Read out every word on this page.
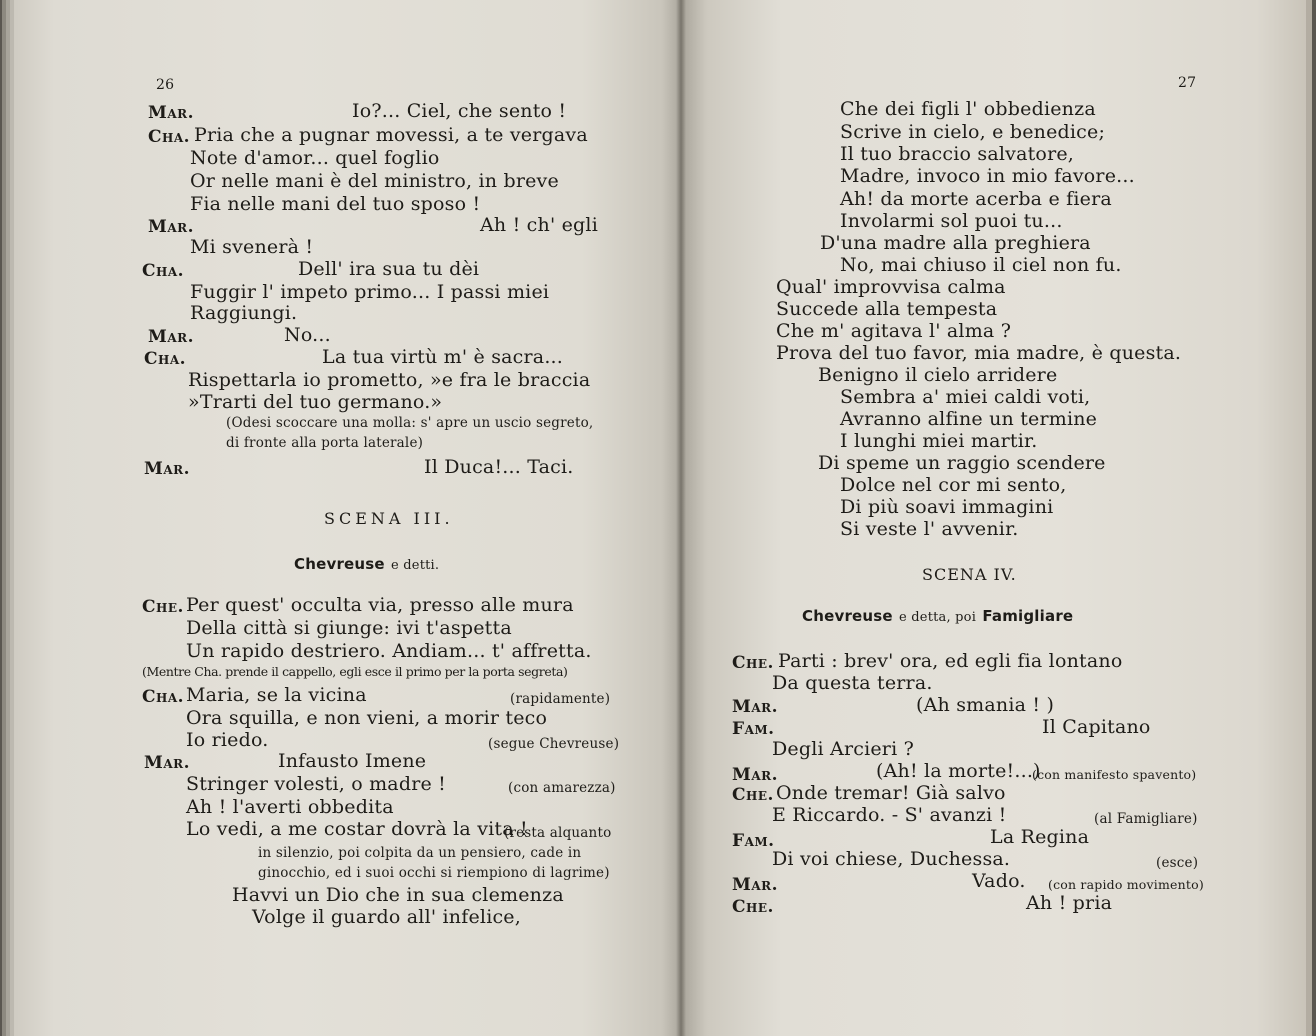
26
Mar.	Io?... Ciel, che sento !
Cha. Pria che a pugnar movessi, a te vergava
Note d'amor... quel foglio
Or nelle mani è del ministro, in breve
Fia nelle mani del tuo sposo !
Mar.	Ah ! ch' egli
Mi svenerà !
Cha.	Dell' ira sua tu dèi
Fuggir l' impeto primo... I passi miei
Raggiungi.
Mar.	No...
Cha.	La tua virtù m' è sacra...
Rispettarla io prometto, »e fra le braccia
»Trarti del tuo germano.»
(Odesi scoccare una molla: s' apre un uscio segreto,
di fronte alla porta laterale)
Mar.	Il Duca!... Taci.
SCENA III.
Chevreuse e detti.
Che. Per quest' occulta via, presso alle mura
Della città si giunge: ivi t'aspetta
Un rapido destriero. Andiam... t' affretta.
(Mentre Cha. prende il cappello, egli esce il primo per la porta segreta)
Cha. Maria, se la vicina	(rapidamente)
Ora squilla, e non vieni, a morir teco
Io riedo.	(segue Chevreuse)
Mar.	Infausto Imene
Stringer volesti, o madre !	(con amarezza)
Ah ! l'averti obbedita
Lo vedi, a me costar dovrà la vita !
(resta alquanto
in silenzio, poi colpita da un pensiero, cade in
ginocchio, ed i suoi occhi si riempiono di lagrime)
Havvi un Dio che in sua clemenza
Volge il guardo all' infelice,
27
Che dei figli l' obbedienza
Scrive in cielo, e benedice;
Il tuo braccio salvatore,
Madre, invoco in mio favore...
Ah! da morte acerba e fiera
Involarmi sol puoi tu...
D'una madre alla preghiera
No, mai chiuso il ciel non fu.
Qual' improvvisa calma
Succede alla tempesta
Che m' agitava l' alma ?
Prova del tuo favor, mia madre, è questa.
Benigno il cielo arridere
Sembra a' miei caldi voti,
Avranno alfine un termine
I lunghi miei martir.
Di speme un raggio scendere
Dolce nel cor mi sento,
Di più soavi immagini
Si veste l' avvenir.
SCENA IV.
Chevreuse e detta, poi Famigliare
Che. Parti : brev' ora, ed egli fia lontano
Da questa terra.
Mar.	(Ah smania ! )
Fam.	Il Capitano
Degli Arcieri ?
Mar.	(Ah! la morte!...)
(con manifesto spavento)
Che. Onde tremar! Già salvo
E Riccardo. - S' avanzi !	(al Famigliare)
Fam.	La Regina
Di voi chiese, Duchessa.	(esce)
Mar.	Vado. (con rapido movimento)
Che.	Ah ! pria
